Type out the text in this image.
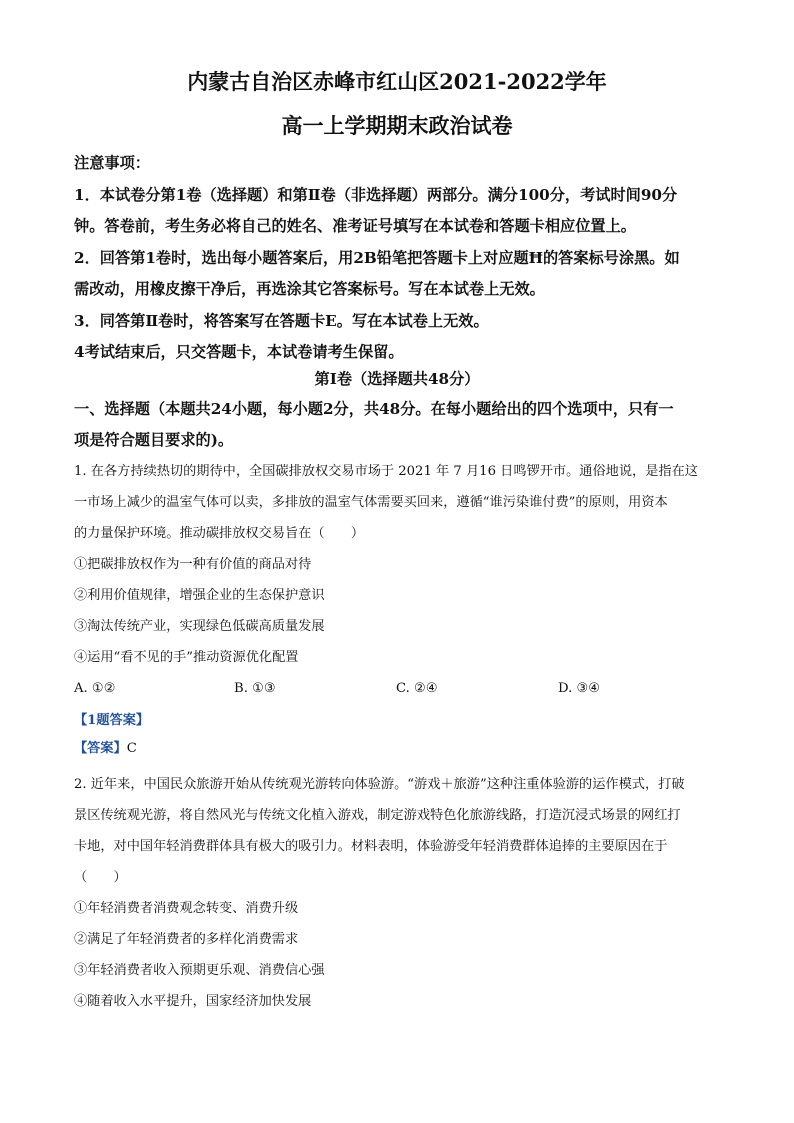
内蒙古自治区赤峰市红山区2021-2022学年
高一上学期期末政治试卷

注意事项：

1．本试卷分第1卷（选择题）和第Ⅱ卷（非选择题）两部分。满分100分，考试时间90分

钟。答卷前，考生务必将自己的姓名、准考证号填写在本试卷和答题卡相应位置上。

2．回答第1卷时，选出每小题答案后，用2B铅笔把答题卡上对应题Ħ的答案标号涂黑。如

需改动，用橡皮擦干净后，再选涂其它答案标号。写在本试卷上无效。

3．同答第Ⅱ卷时，将答案写在答题卡E。写在本试卷上无效。

4考试结束后，只交答题卡，本试卷请考生保留。

第Ⅰ卷（选择题共48分）

一、选择题（本题共24小题，每小题2分，共48分。在每小题给出的四个选项中，只有一

项是符合题目要求的)。

1. 在各方持续热切的期待中，全国碳排放权交易市场于 2021 年 7 月16 日鸣锣开市。通俗地说，是指在这

一市场上减少的温室气体可以卖，多排放的温室气体需要买回来，遵循“谁污染谁付费”的原则，用资本

的力量保护环境。推动碳排放权交易旨在（　　）

①把碳排放权作为一种有价值的商品对待

②利用价值规律，增强企业的生态保护意识

③淘汰传统产业，实现绿色低碳高质量发展

④运用“看不见的手”推动资源优化配置

A. ①②	B. ①③	C. ②④	D. ③④

【1题答案】

【答案】C

2. 近年来，中国民众旅游开始从传统观光游转向体验游。“游戏＋旅游”这种注重体验游的运作模式，打破

景区传统观光游，将自然风光与传统文化植入游戏，制定游戏特色化旅游线路，打造沉浸式场景的网红打

卡地，对中国年轻消费群体具有极大的吸引力。材料表明，体验游受年轻消费群体追捧的主要原因在于

（　　）

①年轻消费者消费观念转变、消费升级

②满足了年轻消费者的多样化消费需求

③年轻消费者收入预期更乐观、消费信心强

④随着收入水平提升，国家经济加快发展
